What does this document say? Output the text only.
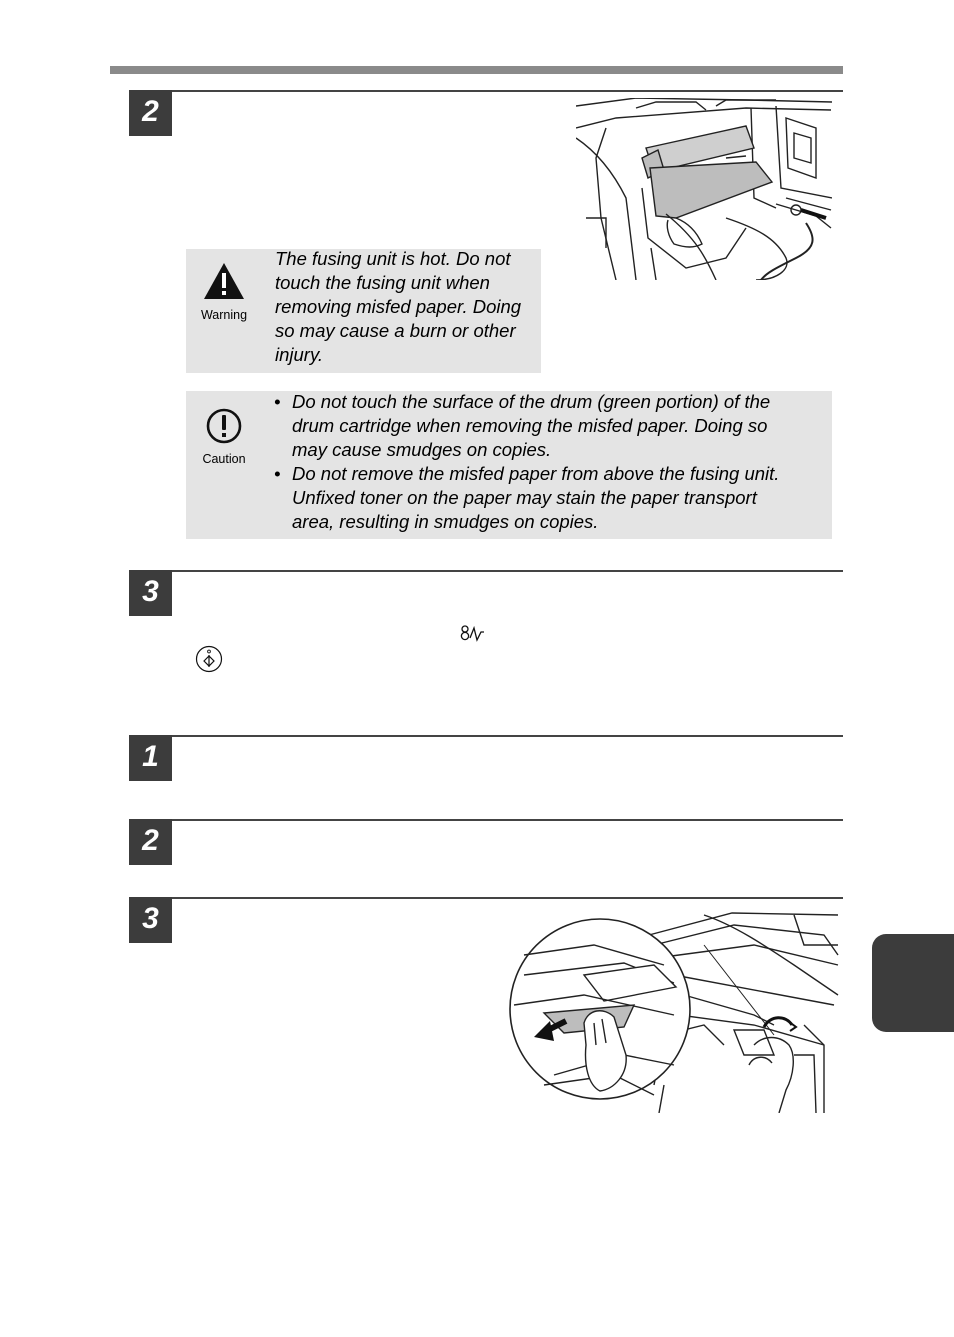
2
Warning
The fusing unit is hot. Do not
touch the fusing unit when
removing misfed paper. Doing
so may cause a burn or other
injury.
Caution
• Do not touch the surface of the drum (green portion) of the
drum cartridge when removing the misfed paper. Doing so
may cause smudges on copies.
• Do not remove the misfed paper from above the fusing unit.
Unfixed toner on the paper may stain the paper transport
area, resulting in smudges on copies.
3
1
2
3
